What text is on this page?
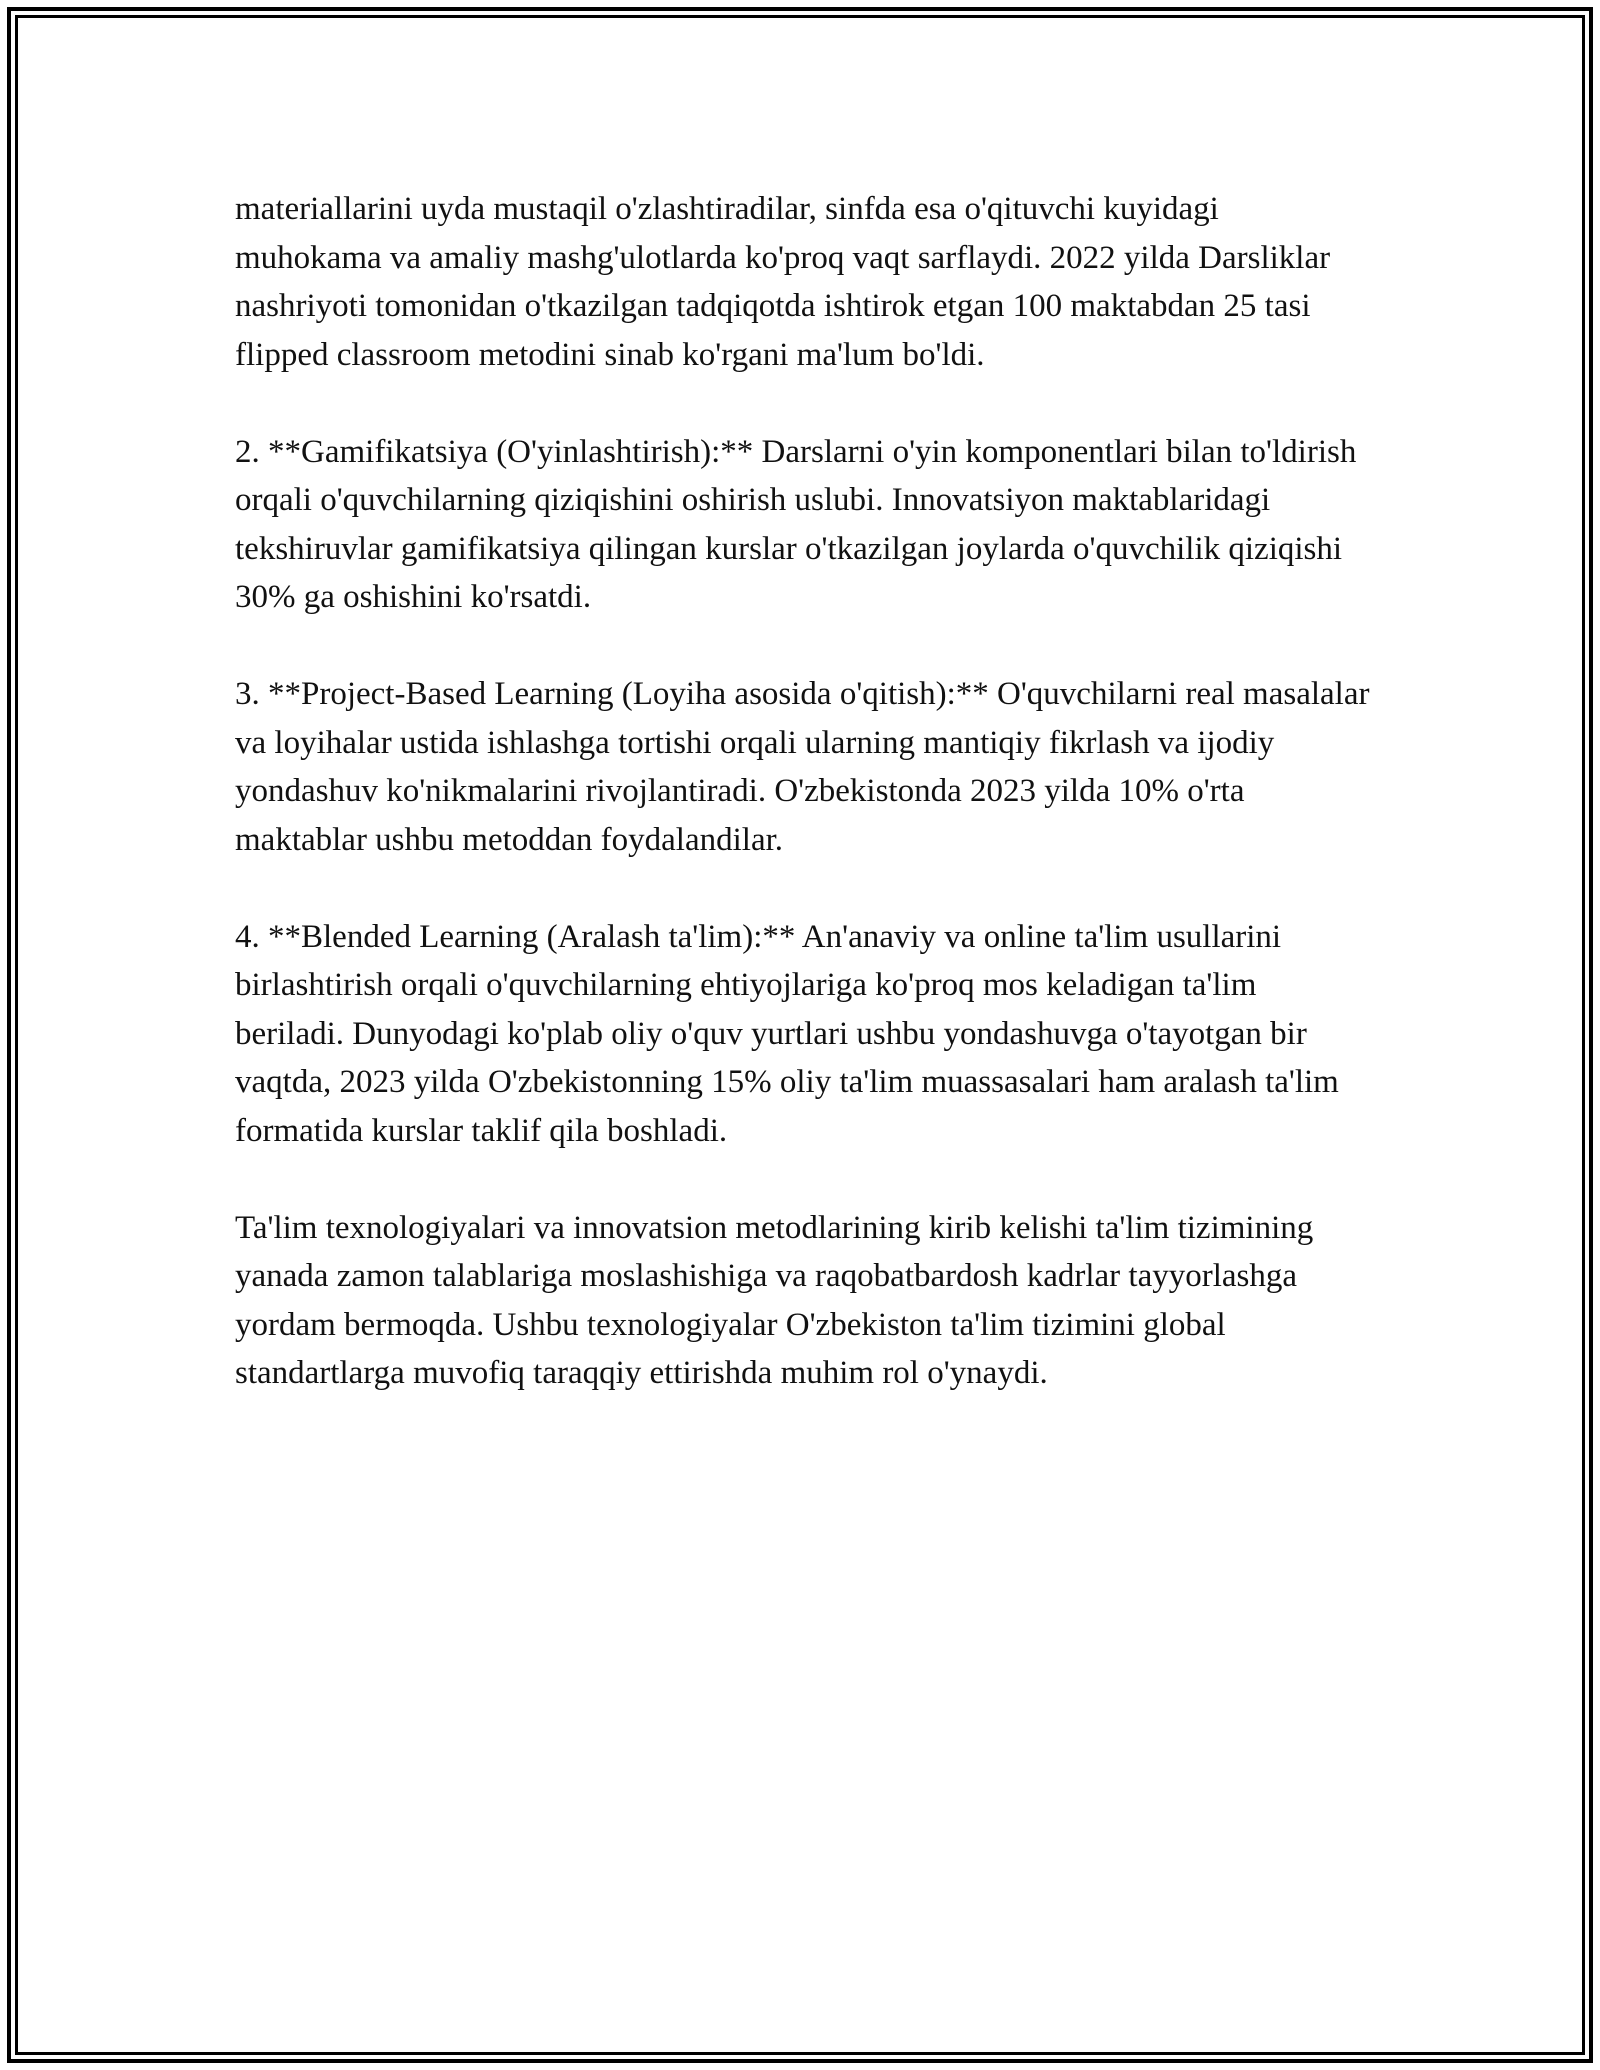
materiallarini uyda mustaqil o'zlashtiradilar, sinfda esa o'qituvchi kuyidagi muhokama va amaliy mashg'ulotlarda ko'proq vaqt sarflaydi. 2022 yilda Darsliklar nashriyoti tomonidan o'tkazilgan tadqiqotda ishtirok etgan 100 maktabdan 25 tasi flipped classroom metodini sinab ko'rgani ma'lum bo'ldi.

2. **Gamifikatsiya (O'yinlashtirish):** Darslarni o'yin komponentlari bilan to'ldirish orqali o'quvchilarning qiziqishini oshirish uslubi. Innovatsiyon maktablaridagi tekshiruvlar gamifikatsiya qilingan kurslar o'tkazilgan joylarda o'quvchilik qiziqishi 30% ga oshishini ko'rsatdi.

3. **Project-Based Learning (Loyiha asosida o'qitish):** O'quvchilarni real masalalar va loyihalar ustida ishlashga tortishi orqali ularning mantiqiy fikrlash va ijodiy yondashuv ko'nikmalarini rivojlantiradi. O'zbekistonda 2023 yilda 10% o'rta maktablar ushbu metoddan foydalandilar.

4. **Blended Learning (Aralash ta'lim):** An'anaviy va online ta'lim usullarini birlashtirish orqali o'quvchilarning ehtiyojlariga ko'proq mos keladigan ta'lim beriladi. Dunyodagi ko'plab oliy o'quv yurtlari ushbu yondashuvga o'tayotgan bir vaqtda, 2023 yilda O'zbekistonning 15% oliy ta'lim muassasalari ham aralash ta'lim formatida kurslar taklif qila boshladi.

Ta'lim texnologiyalari va innovatsion metodlarining kirib kelishi ta'lim tizimining yanada zamon talablariga moslashishiga va raqobatbardosh kadrlar tayyorlashga yordam bermoqda. Ushbu texnologiyalar O'zbekiston ta'lim tizimini global standartlarga muvofiq taraqqiy ettirishda muhim rol o'ynaydi.
